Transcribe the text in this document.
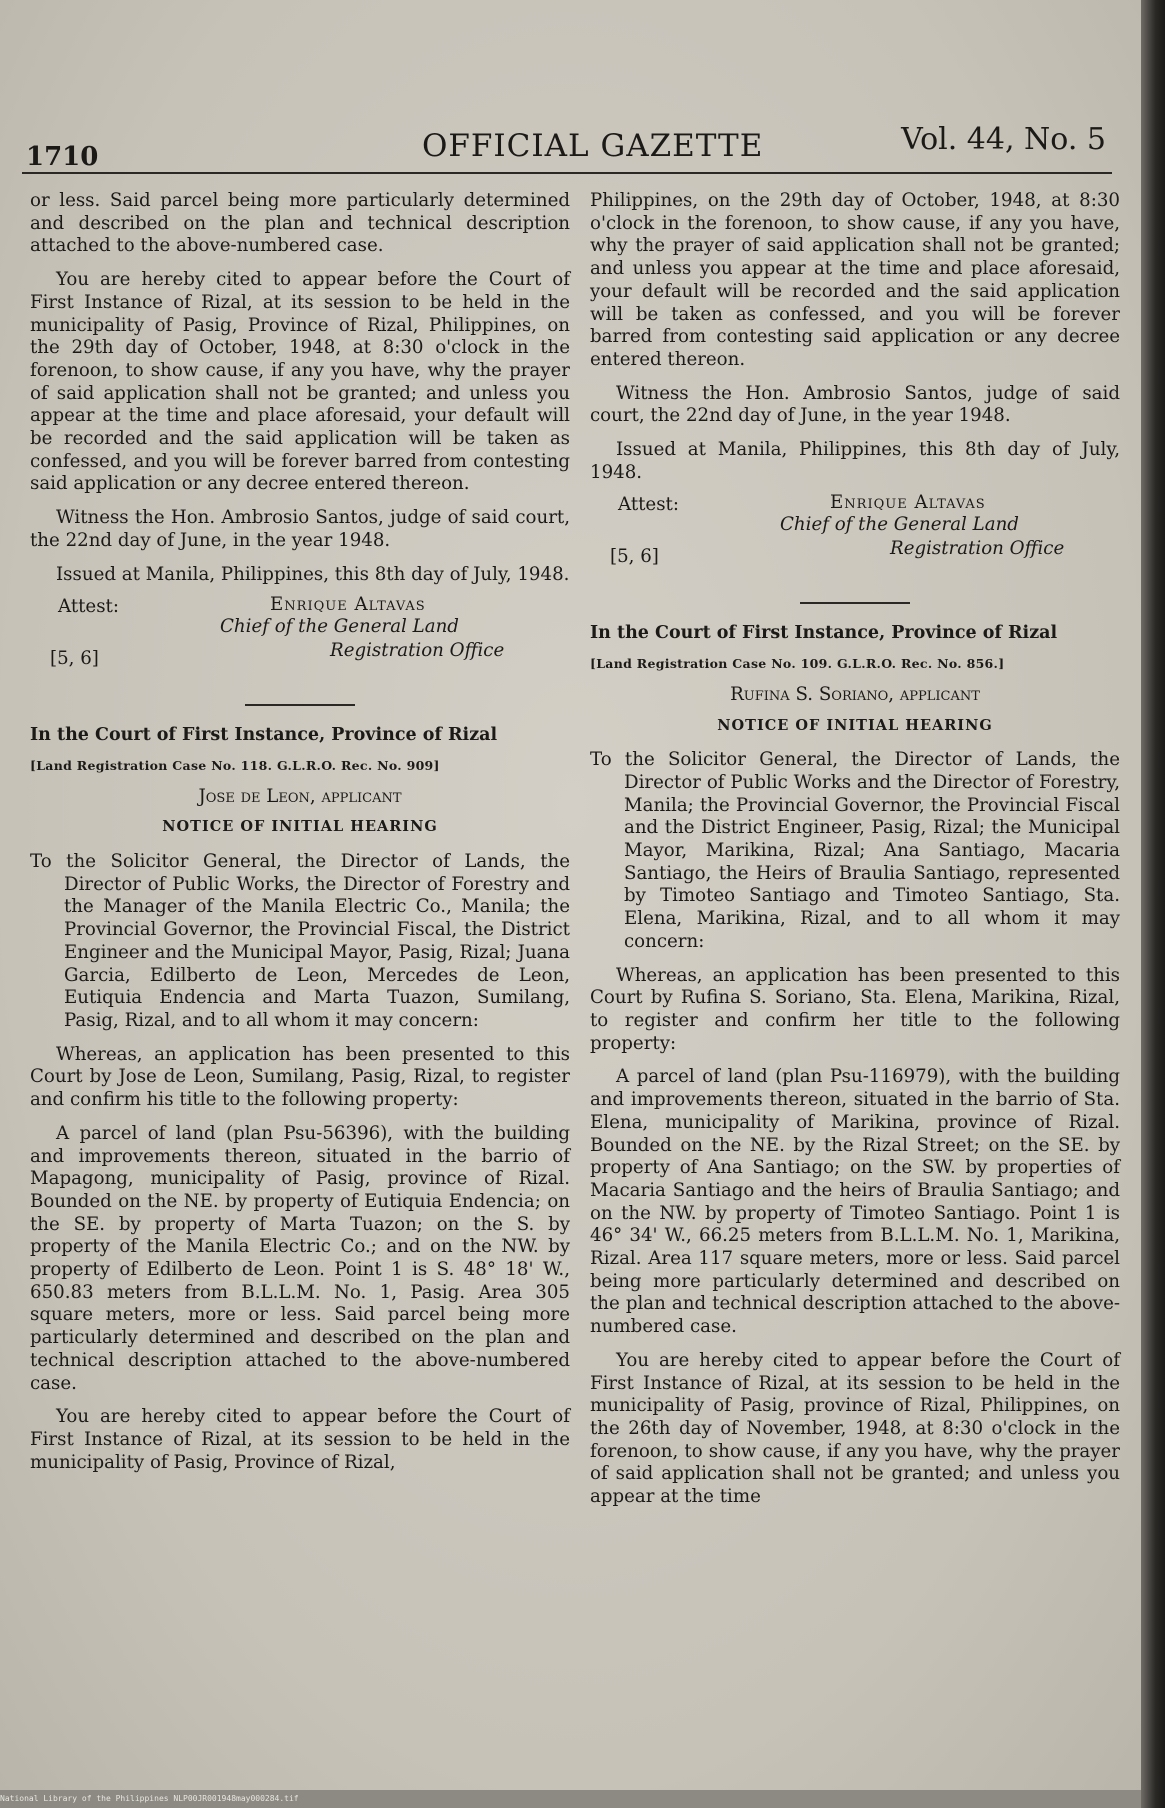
1710	OFFICIAL GAZETTE	Vol. 44, No. 5

or less. Said parcel being more particularly determined and described on the plan and technical description attached to the above-numbered case.

You are hereby cited to appear before the Court of First Instance of Rizal, at its session to be held in the municipality of Pasig, Province of Rizal, Philippines, on the 29th day of October, 1948, at 8:30 o'clock in the forenoon, to show cause, if any you have, why the prayer of said application shall not be granted; and unless you appear at the time and place aforesaid, your default will be recorded and the said application will be taken as confessed, and you will be forever barred from contesting said application or any decree entered thereon.

Witness the Hon. Ambrosio Santos, judge of said court, the 22nd day of June, in the year 1948.

Issued at Manila, Philippines, this 8th day of July, 1948.

Attest:	Enrique Altavas
Chief of the General Land
Registration Office
[5, 6]

In the Court of First Instance, Province of Rizal

[Land Registration Case No. 118. G.L.R.O. Rec. No. 909]

Jose de Leon, applicant

NOTICE OF INITIAL HEARING

To the Solicitor General, the Director of Lands, the Director of Public Works, the Director of Forestry and the Manager of the Manila Electric Co., Manila; the Provincial Governor, the Provincial Fiscal, the District Engineer and the Municipal Mayor, Pasig, Rizal; Juana Garcia, Edilberto de Leon, Mercedes de Leon, Eutiquia Endencia and Marta Tuazon, Sumilang, Pasig, Rizal, and to all whom it may concern:

Whereas, an application has been presented to this Court by Jose de Leon, Sumilang, Pasig, Rizal, to register and confirm his title to the following property:

A parcel of land (plan Psu-56396), with the building and improvements thereon, situated in the barrio of Mapagong, municipality of Pasig, province of Rizal. Bounded on the NE. by property of Eutiquia Endencia; on the SE. by property of Marta Tuazon; on the S. by property of the Manila Electric Co.; and on the NW. by property of Edilberto de Leon. Point 1 is S. 48° 18' W., 650.83 meters from B.L.L.M. No. 1, Pasig. Area 305 square meters, more or less. Said parcel being more particularly determined and described on the plan and technical description attached to the above-numbered case.

You are hereby cited to appear before the Court of First Instance of Rizal, at its session to be held in the municipality of Pasig, Province of Rizal,

Philippines, on the 29th day of October, 1948, at 8:30 o'clock in the forenoon, to show cause, if any you have, why the prayer of said application shall not be granted; and unless you appear at the time and place aforesaid, your default will be recorded and the said application will be taken as confessed, and you will be forever barred from contesting said application or any decree entered thereon.

Witness the Hon. Ambrosio Santos, judge of said court, the 22nd day of June, in the year 1948.

Issued at Manila, Philippines, this 8th day of July, 1948.

Attest:	Enrique Altavas
Chief of the General Land
Registration Office
[5, 6]

In the Court of First Instance, Province of Rizal

[Land Registration Case No. 109. G.L.R.O. Rec. No. 856.]

Rufina S. Soriano, applicant

NOTICE OF INITIAL HEARING

To the Solicitor General, the Director of Lands, the Director of Public Works and the Director of Forestry, Manila; the Provincial Governor, the Provincial Fiscal and the District Engineer, Pasig, Rizal; the Municipal Mayor, Marikina, Rizal; Ana Santiago, Macaria Santiago, the Heirs of Braulia Santiago, represented by Timoteo Santiago and Timoteo Santiago, Sta. Elena, Marikina, Rizal, and to all whom it may concern:

Whereas, an application has been presented to this Court by Rufina S. Soriano, Sta. Elena, Marikina, Rizal, to register and confirm her title to the following property:

A parcel of land (plan Psu-116979), with the building and improvements thereon, situated in the barrio of Sta. Elena, municipality of Marikina, province of Rizal. Bounded on the NE. by the Rizal Street; on the SE. by property of Ana Santiago; on the SW. by properties of Macaria Santiago and the heirs of Braulia Santiago; and on the NW. by property of Timoteo Santiago. Point 1 is 46° 34' W., 66.25 meters from B.L.L.M. No. 1, Marikina, Rizal. Area 117 square meters, more or less. Said parcel being more particularly determined and described on the plan and technical description attached to the above-numbered case.

You are hereby cited to appear before the Court of First Instance of Rizal, at its session to be held in the municipality of Pasig, province of Rizal, Philippines, on the 26th day of November, 1948, at 8:30 o'clock in the forenoon, to show cause, if any you have, why the prayer of said application shall not be granted; and unless you appear at the time

National Library of the Philippines NLP00JR001948may000284.tif
